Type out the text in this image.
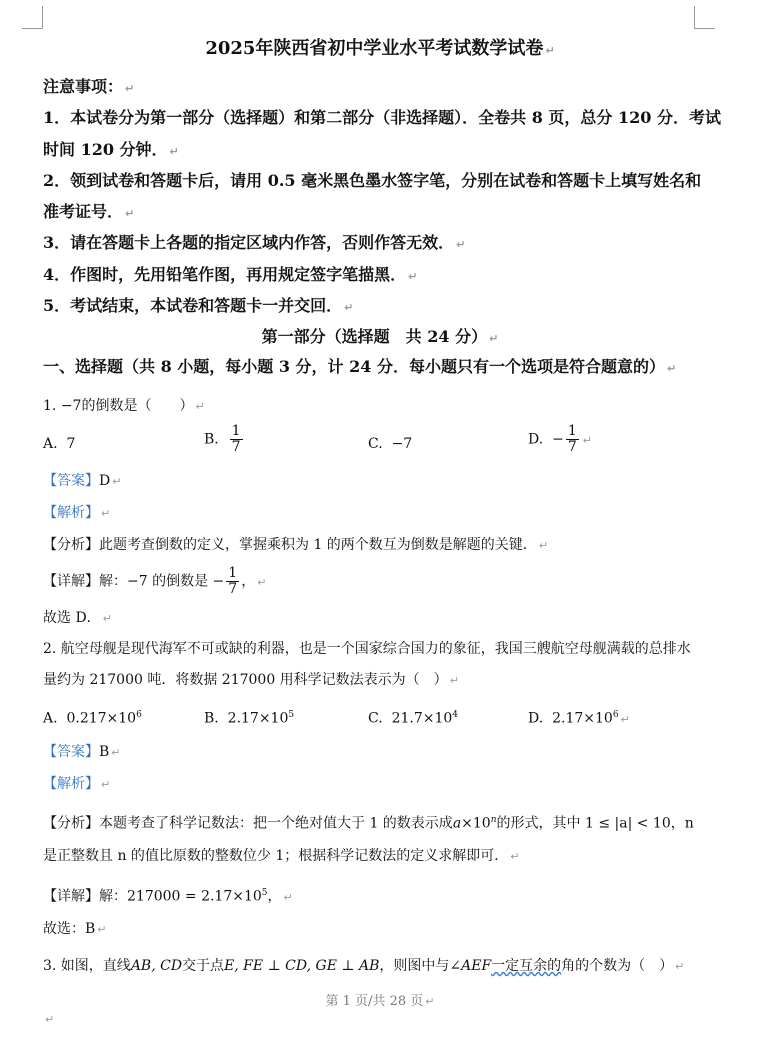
2025年陕西省初中学业水平考试数学试卷 ↵
注意事项： ↵
1．本试卷分为第一部分（选择题）和第二部分（非选择题）．全卷共 8 页，总分 120 分．考试
时间 120 分钟． ↵
2．领到试卷和答题卡后，请用 0.5 毫米黑色墨水签字笔，分别在试卷和答题卡上填写姓名和
准考证号． ↵
3．请在答题卡上各题的指定区域内作答，否则作答无效． ↵
4．作图时，先用铅笔作图，再用规定签字笔描黑． ↵
5．考试结束，本试卷和答题卡一并交回． ↵
第一部分（选择题　共 24 分） ↵
一、选择题（共 8 小题，每小题 3 分，计 24 分．每小题只有一个选项是符合题意的） ↵
1. −7的倒数是（　　） ↵
A. 7	B. $\frac{1}{7}$	C. −7	D. − $\frac{1}{7}$ ↵
【答案】D ↵
【解析】 ↵
【分析】此题考查倒数的定义，掌握乘积为 1 的两个数互为倒数是解题的关键． ↵
【详解】解：−7 的倒数是 − $\frac{1}{7}$ ， ↵
故选 D． ↵
2. 航空母舰是现代海军不可或缺的利器，也是一个国家综合国力的象征，我国三艘航空母舰满载的总排水
量约为 217000 吨．将数据 217000 用科学记数法表示为（　） ↵
A. $0.217\times 10^6$	B. $2.17\times 10^5$	C. $21.7\times 10^4$	D. $2.17\times 10^6$ ↵
【答案】B ↵
【解析】 ↵
【分析】本题考查了科学记数法：把一个绝对值大于 1 的数表示成$a\times 10^n$的形式，其中 1 ≤ |a| < 10，n
是正整数且 n 的值比原数的整数位少 1；根据科学记数法的定义求解即可． ↵
【详解】解：$217000 = 2.17\times 10^5$， ↵
故选：B ↵
3. 如图，直线AB, CD交于点E, FE ⊥ CD, GE ⊥ AB，则图中与∠AEF一定互余的角的个数为（　） ↵
第 1 页/共 28 页 ↵
↵
